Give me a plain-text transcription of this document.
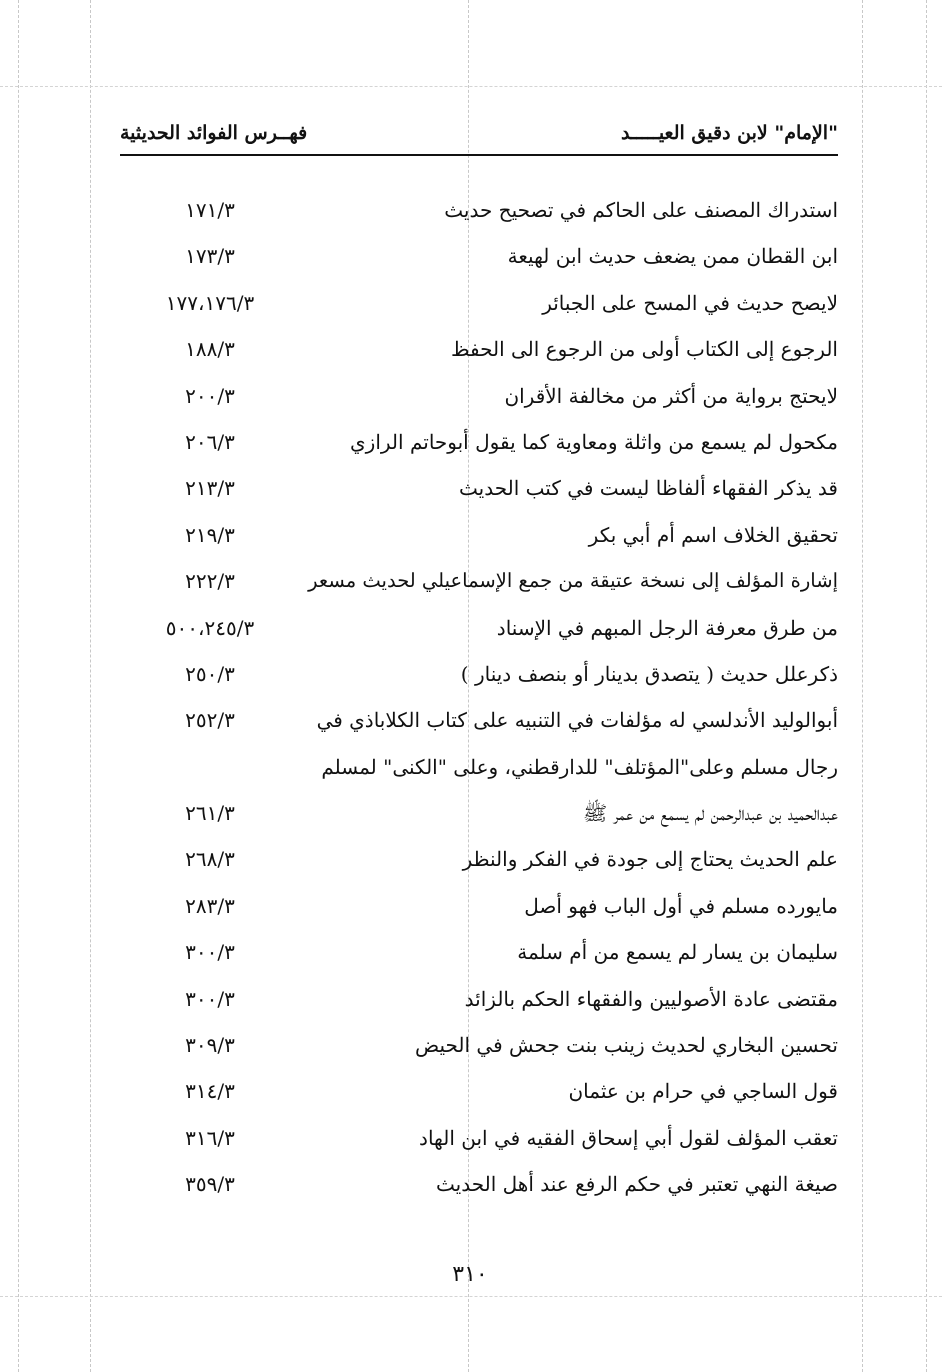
"الإمام" لابن دقيق العيـــــد
فهــرس الفوائد الحديثية
استدراك المصنف على الحاكم في تصحيح حديث
١٧١/٣
ابن القطان ممن يضعف حديث ابن لهيعة
١٧٣/٣
لايصح حديث في المسح على الجبائر
١٧٧،١٧٦/٣
الرجوع إلى الكتاب أولى من الرجوع الى الحفظ
١٨٨/٣
لايحتج برواية من أكثر من مخالفة الأقران
٢٠٠/٣
مكحول لم يسمع من واثلة ومعاوية كما يقول أبوحاتم الرازي
٢٠٦/٣
قد يذكر الفقهاء ألفاظا ليست في كتب الحديث
٢١٣/٣
تحقيق الخلاف اسم أم أبي بكر
٢١٩/٣
إشارة المؤلف إلى نسخة عتيقة من جمع الإسماعيلي لحديث مسعر
٢٢٢/٣
من طرق معرفة الرجل المبهم في الإسناد
٥٠٠،٢٤٥/٣
ذكرعلل حديث ( يتصدق بدينار أو بنصف دينار )
٢٥٠/٣
أبوالوليد الأندلسي له مؤلفات في التنبيه على كتاب الكلاباذي في
٢٥٢/٣
رجال مسلم وعلى"المؤتلف" للدارقطني، وعلى "الكنى" لمسلم
عبدالحميد بن عبدالرحمن لم يسمع من عمر ﷺ
٢٦١/٣
علم الحديث يحتاج إلى جودة في الفكر والنظر
٢٦٨/٣
مايورده مسلم في أول الباب فهو أصل
٢٨٣/٣
سليمان بن يسار لم يسمع من أم سلمة
٣٠٠/٣
مقتضى عادة الأصوليين والفقهاء الحكم بالزائد
٣٠٠/٣
تحسين البخاري لحديث زينب بنت جحش في الحيض
٣٠٩/٣
قول الساجي في حرام بن عثمان
٣١٤/٣
تعقب المؤلف لقول أبي إسحاق الفقيه في ابن الهاد
٣١٦/٣
صيغة النهي تعتبر في حكم الرفع عند أهل الحديث
٣٥٩/٣
٣١٠
